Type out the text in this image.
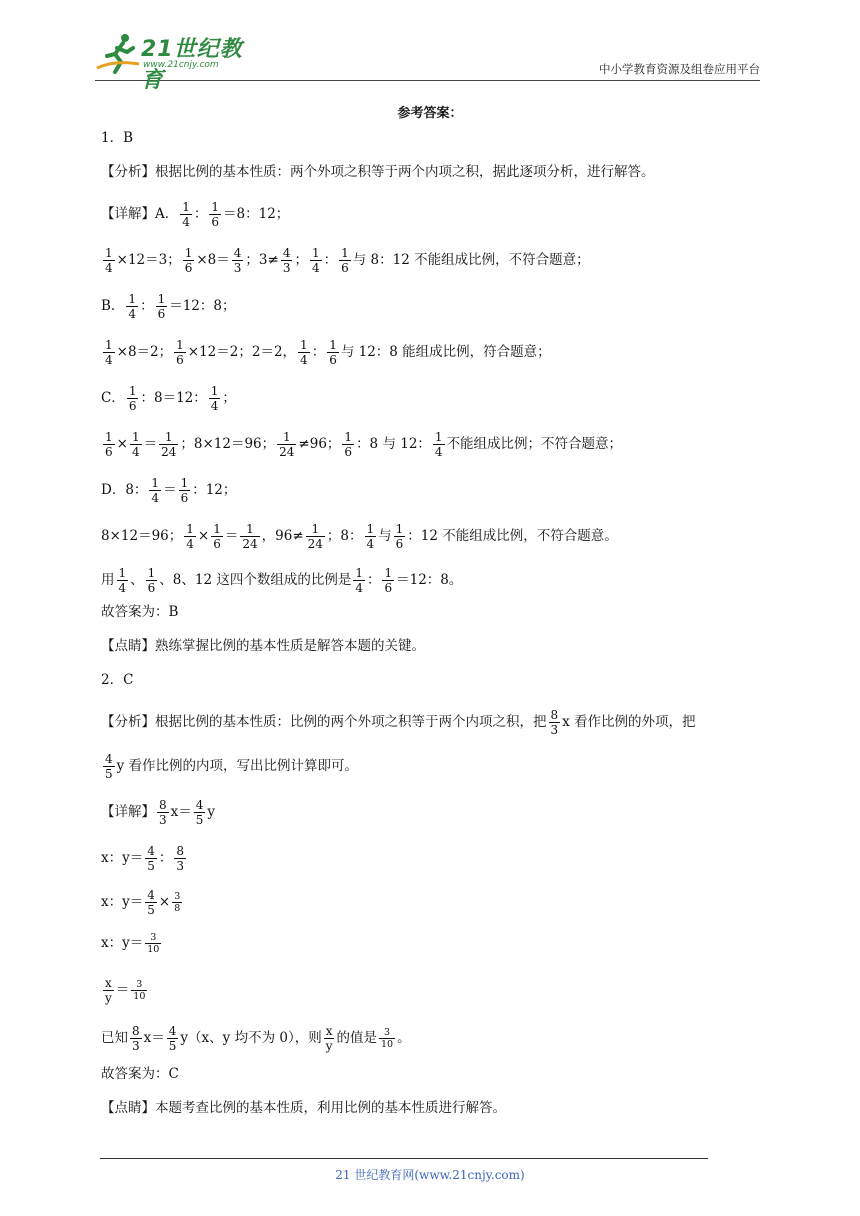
21世纪教育
www.21cnjy.com	中小学教育资源及组卷应用平台
参考答案：
1．B
【分析】根据比例的基本性质：两个外项之积等于两个内项之积，据此逐项分析，进行解答。
【详解】A． $\frac{1}{4}$ ： $\frac{1}{6} =8$：12；
$\frac{1}{4} \times 12=3$； $\frac{1}{6} \times 8= \frac{4}{3}$ ；$3\ne \frac{4}{3}$ ； $\frac{1}{4}$ ： $\frac{1}{6}$ 与 8：12 不能组成比例，不符合题意；
B． $\frac{1}{4}$ ： $\frac{1}{6} =12$：8；
$\frac{1}{4} \times 8=2$； $\frac{1}{6} \times 12=2$；2＝2， $\frac{1}{4}$ ： $\frac{1}{6}$ 与 12：8 能组成比例，符合题意；
C． $\frac{1}{6}$ ：8＝12： $\frac{1}{4}$ ；
$\frac{1}{6} \times \frac{1}{4} = \frac{1}{24}$ ；8×12＝96； $\frac{1}{24} \ne 96$； $\frac{1}{6}$ ：8 与 12： $\frac{1}{4}$ 不能组成比例；不符合题意；
D．8： $\frac{1}{4} = \frac{1}{6}$ ：12；
8×12＝96； $\frac{1}{4} \times \frac{1}{6} = \frac{1}{24}$ ，$96\ne \frac{1}{24}$ ；8： $\frac{1}{4}$ 与 $\frac{1}{6}$ ：12 不能组成比例，不符合题意。
用 $\frac{1}{4}$ 、 $\frac{1}{6}$ 、8、12 这四个数组成的比例是 $\frac{1}{4}$ ： $\frac{1}{6} =12$：8。
故答案为：B
【点睛】熟练掌握比例的基本性质是解答本题的关键。
2．C
【分析】根据比例的基本性质：比例的两个外项之积等于两个内项之积，把 $\frac{8}{3}$ x 看作比例的外项，把
$\frac{4}{5}$ y 看作比例的内项，写出比例计算即可。
【详解】 $\frac{8}{3} x= \frac{4}{5}$ y
x：$y= \frac{4}{5}$ ： $\frac{8}{3}$
x：$y= \frac{4}{5} \times \frac{3}{8}$
x：$y= \frac{3}{10}$
$\frac{x}{y} = \frac{3}{10}$
已知 $\frac{8}{3} x= \frac{4}{5} y(x$、y 均不为 0），则 $\frac{x}{y}$ 的值是 $\frac{3}{10}$ 。
故答案为：C
【点睛】本题考查比例的基本性质，利用比例的基本性质进行解答。
21 世纪教育网(www.21cnjy.com)
